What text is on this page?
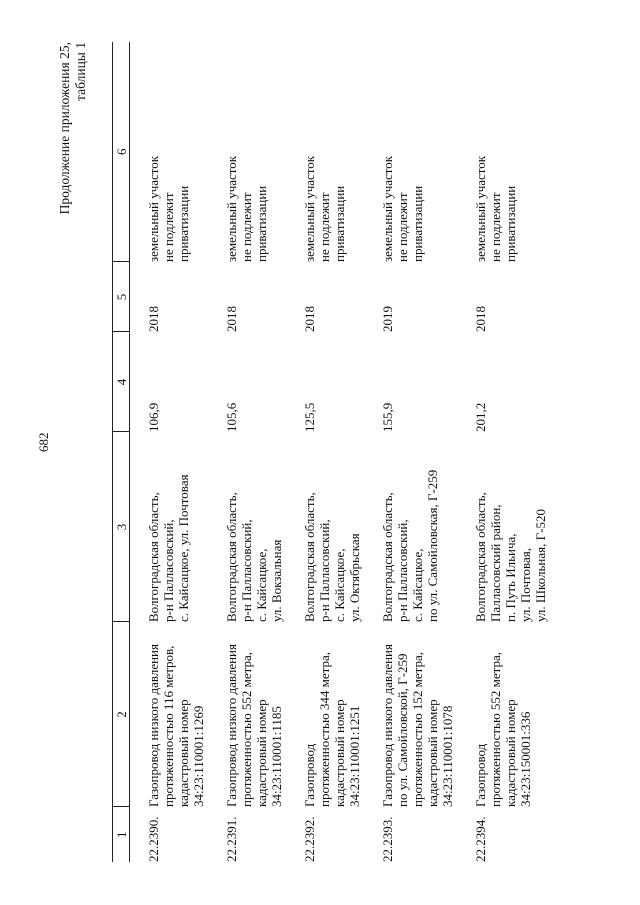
682
Продолжение приложения 25, таблицы 1
1	2	3	4	5	6
22.2390.	Газопровод низкого давления протяженностью 116 метров, кадастровый номер 34:23:110001:1269	Волгоградская область, р-н Палласовский, с. Кайсацкое, ул. Почтовая	106,9	2018	земельный участок не подлежит приватизации

22.2391.	Газопровод низкого давления протяженностью 552 метра, кадастровый номер 34:23:110001:1185	Волгоградская область, р-н Палласовский, с. Кайсацкое, ул. Вокзальная	105,6	2018	земельный участок не подлежит приватизации

22.2392.	Газопровод протяженностью 344 метра, кадастровый номер 34:23:110001:1251	Волгоградская область, р-н Палласовский, с. Кайсацкое, ул. Октябрьская	125,5	2018	земельный участок не подлежит приватизации

22.2393.	Газопровод низкого давления по ул. Самойловской, Г-259 протяженностью 152 метра, кадастровый номер 34:23:110001:1078	Волгоградская область, р-н Палласовский, с. Кайсацкое, по ул. Самойловская, Г-259	155,9	2019	земельный участок не подлежит приватизации

22.2394.	Газопровод протяженностью 552 метра, кадастровый номер 34:23:150001:336	Волгоградская область, Палласовский район, п. Путь Ильича, ул. Почтовая, ул. Школьная, Г-520	201,2	2018	земельный участок не подлежит приватизации
